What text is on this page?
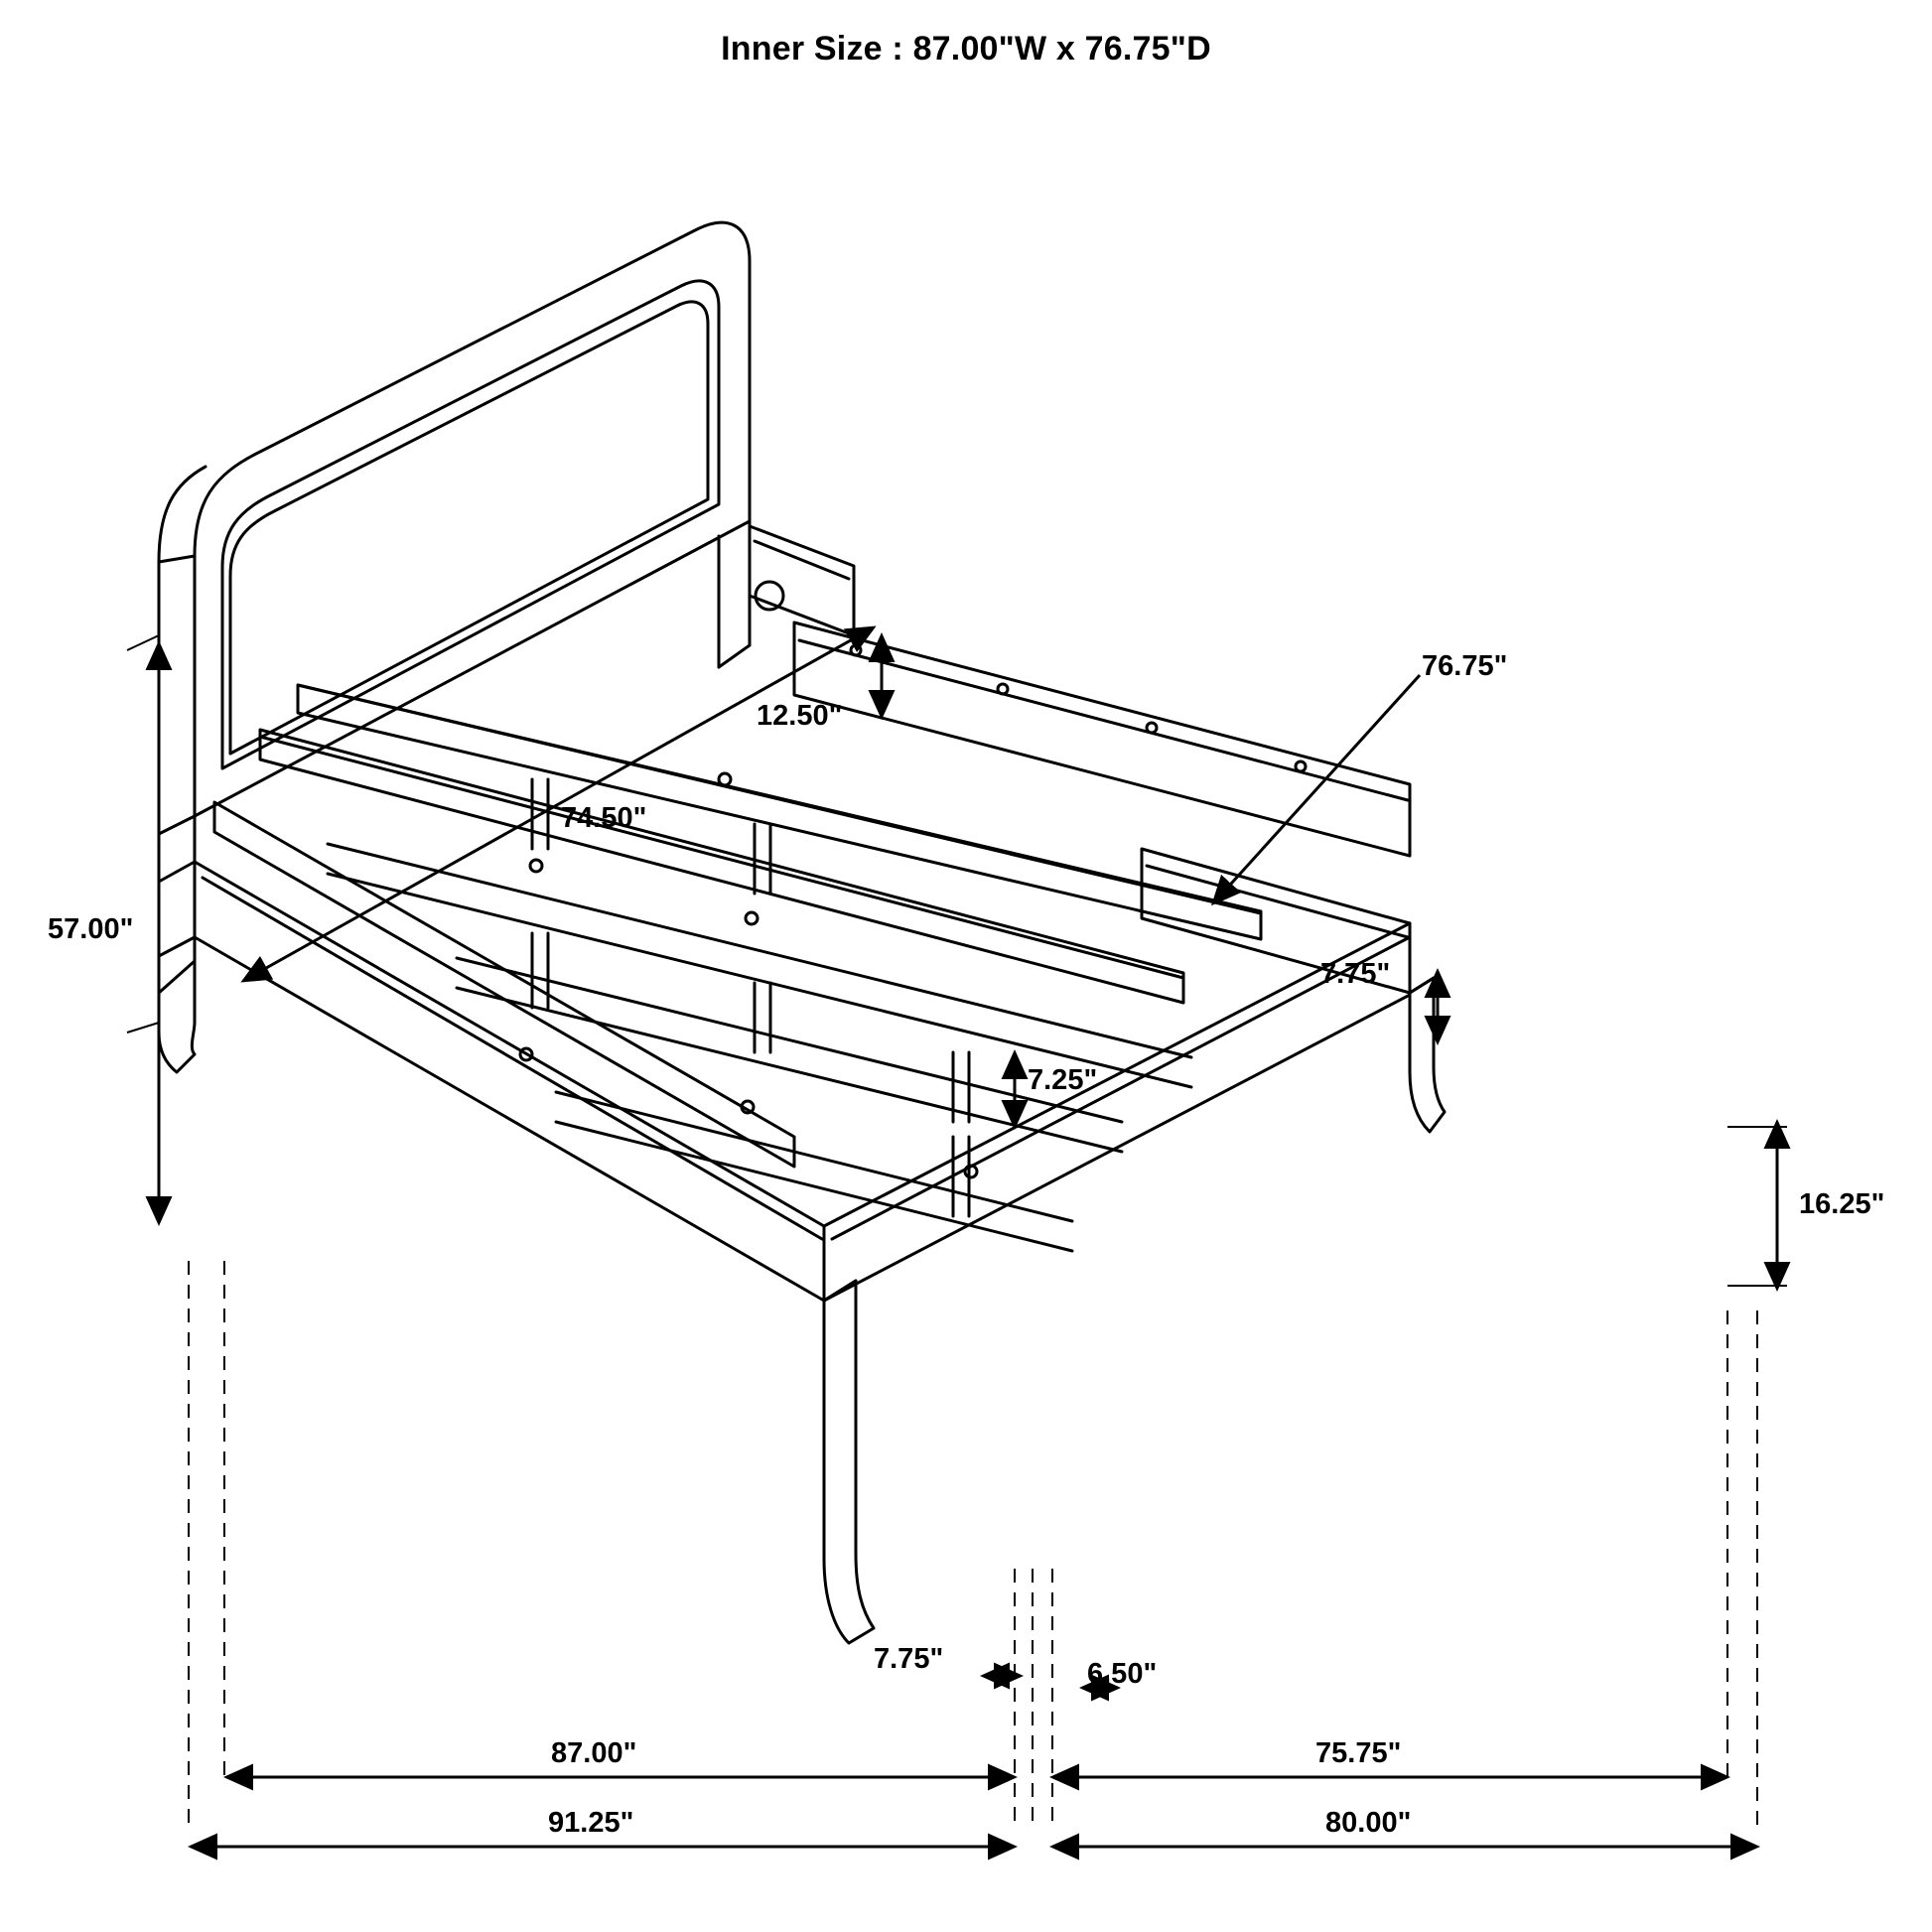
Inner Size : 87.00"W x 76.75"D
57.00"
74.50"
12.50"
76.75"
7.75"
7.25"
16.25"
7.75"	6.50"
87.00"	75.75"
91.25"	80.00"
